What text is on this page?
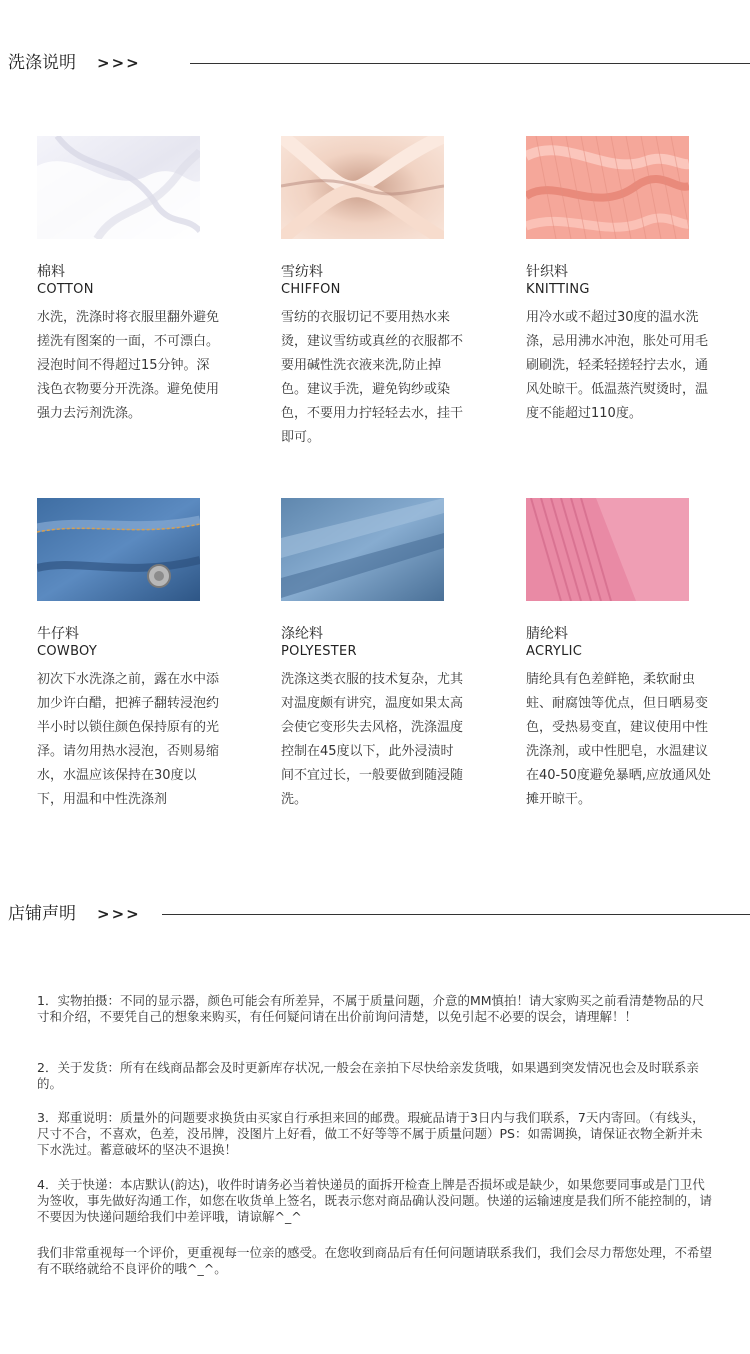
洗涤说明 >>>
棉料
COTTON
水洗，洗涤时将衣服里翻外避免搓洗有图案的一面，不可漂白。浸泡时间不得超过15分钟。深浅色衣物要分开洗涤。避免使用强力去污剂洗涤。
雪纺料
CHIFFON
雪纺的衣服切记不要用热水来烫，建议雪纺或真丝的衣服都不要用碱性洗衣液来洗,防止掉色。建议手洗，避免钩纱或染色，不要用力拧轻轻去水，挂干即可。
针织料
KNITTING
用冷水或不超过30度的温水洗涤，忌用沸水冲泡，胀处可用毛刷刷洗，轻柔轻搓轻拧去水，通风处晾干。低温蒸汽熨烫时，温度不能超过110度。
牛仔料
COWBOY
初次下水洗涤之前，露在水中添加少许白醋，把裤子翻转浸泡约半小时以锁住颜色保持原有的光泽。请勿用热水浸泡，否则易缩水，水温应该保持在30度以下，用温和中性洗涤剂
涤纶料
POLYESTER
洗涤这类衣服的技术复杂，尤其对温度颇有讲究，温度如果太高会使它变形失去风格，洗涤温度控制在45度以下，此外浸渍时间不宜过长，一般要做到随浸随洗。
腈纶料
ACRYLIC
腈纶具有色差鲜艳，柔软耐虫蛀、耐腐蚀等优点，但日晒易变色，受热易变直，建议使用中性洗涤剂，或中性肥皂，水温建议在40-50度避免暴晒,应放通风处摊开晾干。
店铺声明 >>>

1．实物拍摄：不同的显示器，颜色可能会有所差异，不属于质量问题，介意的MM慎拍！请大家购买之前看清楚物品的尺寸和介绍，不要凭自己的想象来购买，有任何疑问请在出价前询问清楚，以免引起不必要的误会，请理解！！

2．关于发货：所有在线商品都会及时更新库存状况,一般会在亲拍下尽快给亲发货哦，如果遇到突发情况也会及时联系亲的。

3．郑重说明：质量外的问题要求换货由买家自行承担来回的邮费。瑕疵品请于3日内与我们联系，7天内寄回。（有线头，尺寸不合，不喜欢，色差，没吊牌，没图片上好看，做工不好等等不属于质量问题）PS：如需调换，请保证衣物全新并未下水洗过。蓄意破坏的坚决不退换！

4．关于快递：本店默认(韵达)，收件时请务必当着快递员的面拆开检查上牌是否损坏或是缺少，如果您要同事或是门卫代为签收，事先做好沟通工作，如您在收货单上签名，既表示您对商品确认没问题。快递的运输速度是我们所不能控制的，请不要因为快递问题给我们中差评哦，请谅解^_^

我们非常重视每一个评价，更重视每一位亲的感受。在您收到商品后有任何问题请联系我们，我们会尽力帮您处理，不希望有不联络就给不良评价的哦^_^。
